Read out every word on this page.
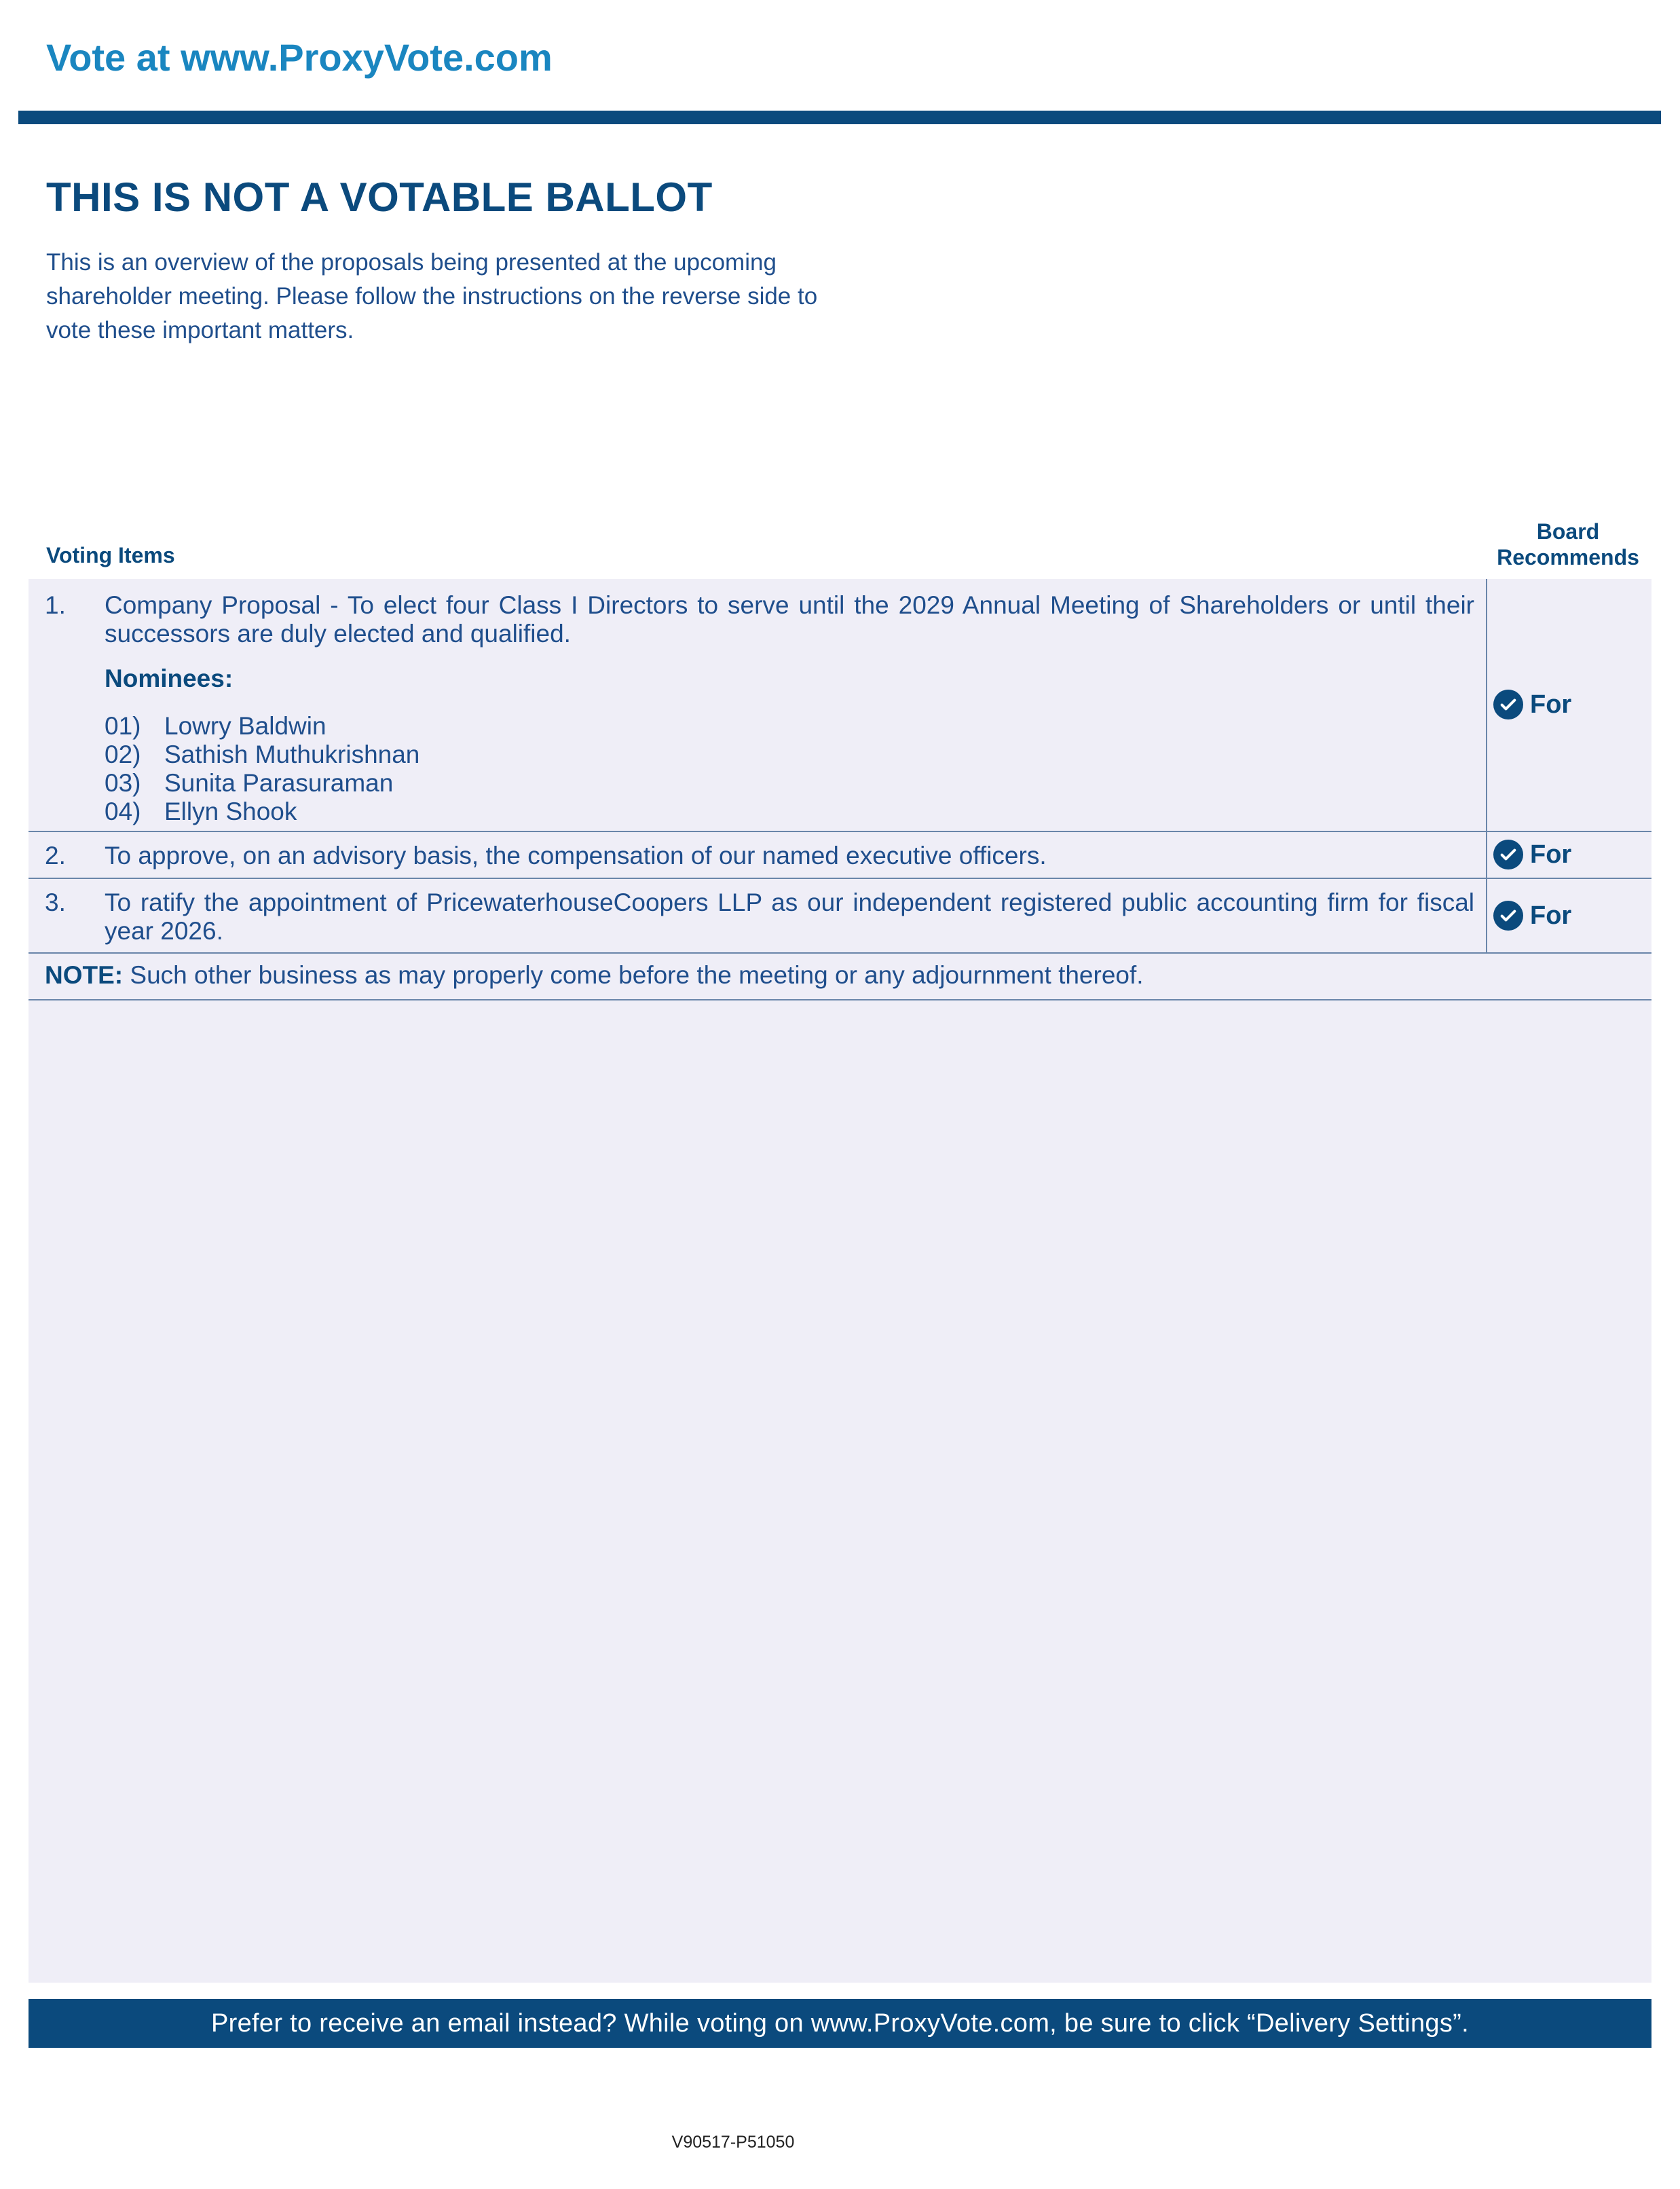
Vote at www.ProxyVote.com
THIS IS NOT A VOTABLE BALLOT

This is an overview of the proposals being presented at the upcoming shareholder meeting. Please follow the instructions on the reverse side to vote these important matters.

Voting Items
Board
Recommends
1. Company Proposal - To elect four Class I Directors to serve until the 2029 Annual Meeting of Shareholders or until their successors are duly elected and qualified.

Nominees:
01) Lowry Baldwin
02) Sathish Muthukrishnan
03) Sunita Parasuraman
04) Ellyn Shook
For
2. To approve, on an advisory basis, the compensation of our named executive officers.	For
3. To ratify the appointment of PricewaterhouseCoopers LLP as our independent registered public accounting firm for fiscal year 2026.

For
NOTE: Such other business as may properly come before the meeting or any adjournment thereof.
Prefer to receive an email instead? While voting on www.ProxyVote.com, be sure to click “Delivery Settings”.
V90517-P51050
